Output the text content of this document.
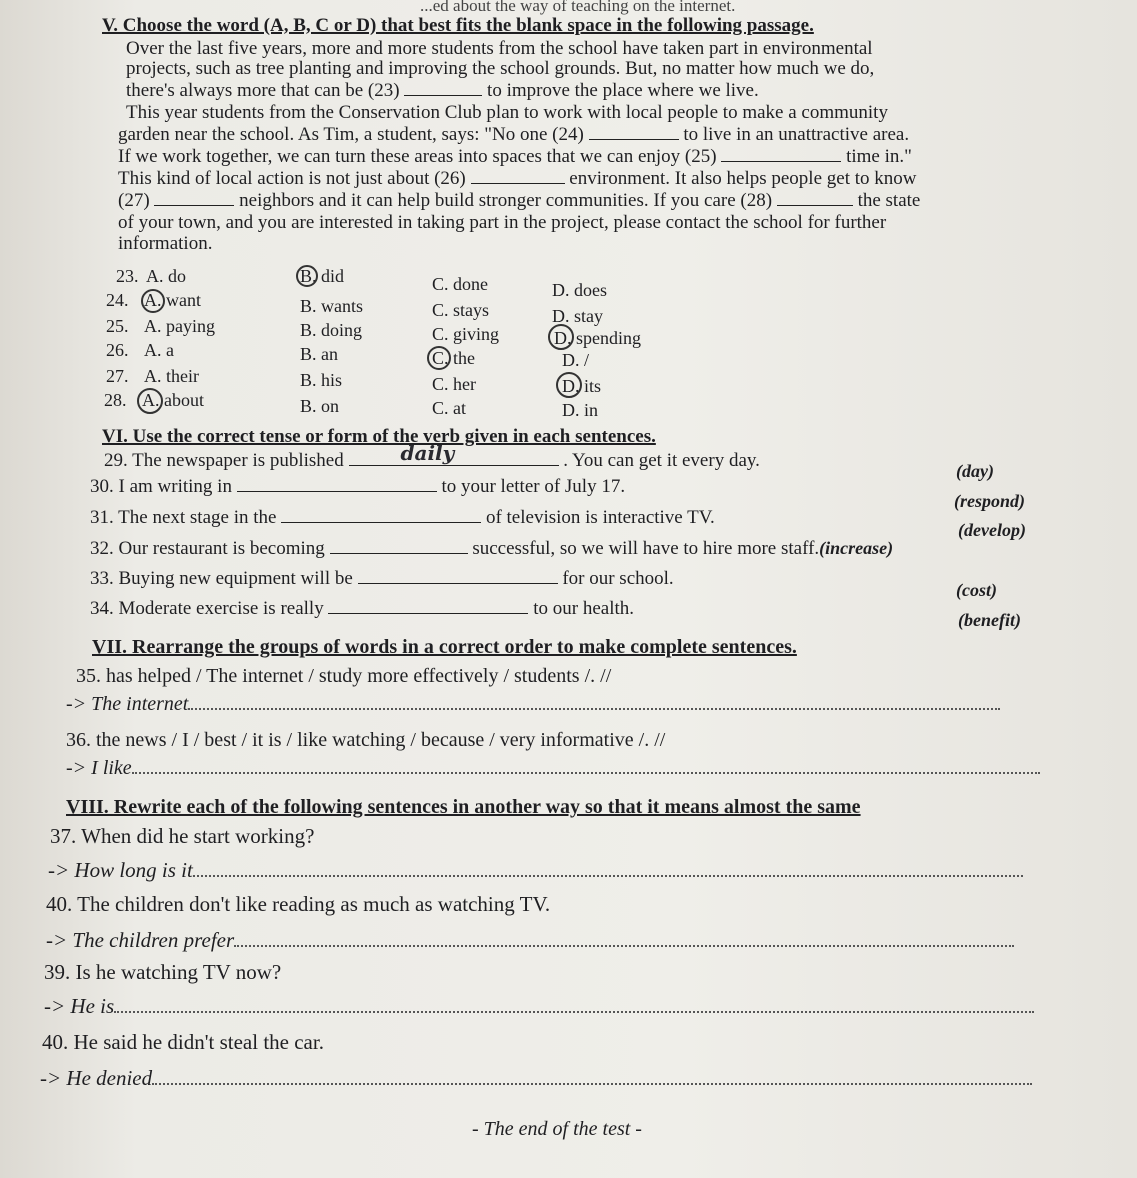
...ed about the way of teaching on the internet.
V. Choose the word (A, B, C or D) that best fits the blank space in the following passage.
Over the last five years, more and more students from the school have taken part in environmental
projects, such as tree planting and improving the school grounds. But, no matter how much we do,
there's always more that can be (23)	to improve the place where we live.
This year students from the Conservation Club plan to work with local people to make a community
garden near the school. As Tim, a student, says: "No one (24)	to live in an unattractive area.
If we work together, we can turn these areas into spaces that we can enjoy (25)	time in."
This kind of local action is not just about (26)	environment. It also helps people get to know
(27)	neighbors and it can help build stronger communities. If you care (28)	the state
of your town, and you are interested in taking part in the project, please contact the school for further
information.
23. A. do	B. did	C. done	D. does
24. A. want	B. wants	C. stays	D. stay
25. A. paying	B. doing	C. giving	D. spending
26. A. a	B. an	C. the	D. /
27. A. their	B. his	C. her	D. its
28. A. about	B. on	C. at	D. in
VI. Use the correct tense or form of the verb given in each sentences.
29. The newspaper is published	daily	. You can get it every day.	(day)
30. I am writing in	to your letter of July 17.
(respond)
31. The next stage in the	of television is interactive TV.
(develop)
32. Our restaurant is becoming	successful, so we will have to hire more staff.(increase)
33. Buying new equipment will be	for our school.
(cost)
34. Moderate exercise is really	to our health.
(benefit)
VII. Rearrange the groups of words in a correct order to make complete sentences.
35. has helped / The internet / study more effectively / students /. //
-> The internet
36. the news / I / best / it is / like watching / because / very informative /. //
-> I like
VIII. Rewrite each of the following sentences in another way so that it means almost the same
37. When did he start working?
-> How long is it
40. The children don't like reading as much as watching TV.
-> The children prefer
39. Is he watching TV now?
-> He is
40. He said he didn't steal the car.
-> He denied
- The end of the test -
